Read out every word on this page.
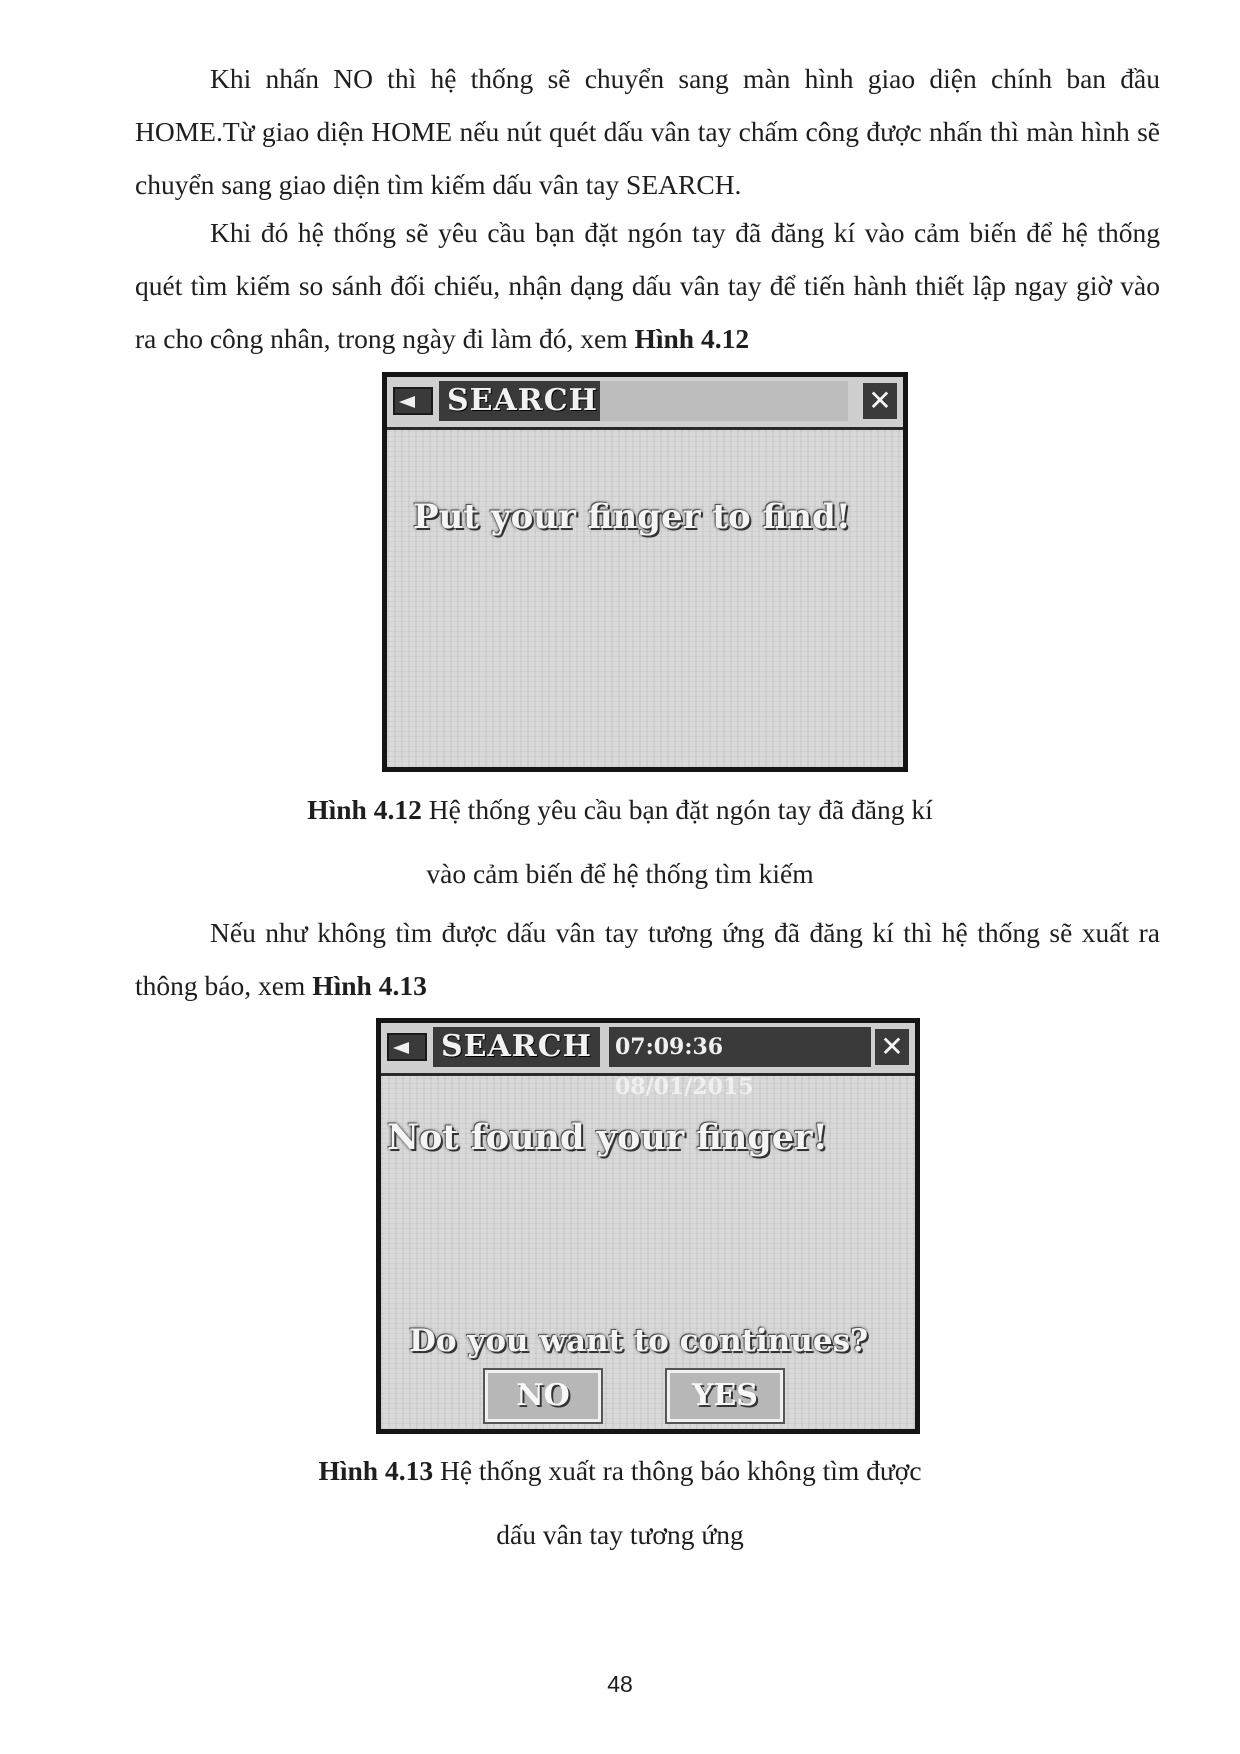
Khi nhấn NO thì hệ thống sẽ chuyển sang màn hình giao diện chính ban đầu HOME.Từ giao diện HOME nếu nút quét dấu vân tay chấm công được nhấn thì màn hình sẽ chuyển sang giao diện tìm kiếm dấu vân tay SEARCH.

Khi đó hệ thống sẽ yêu cầu bạn đặt ngón tay đã đăng kí vào cảm biến để hệ thống quét tìm kiếm so sánh đối chiếu, nhận dạng dấu vân tay để tiến hành thiết lập ngay giờ vào ra cho công nhân, trong ngày đi làm đó, xem Hình 4.12

SEARCH	✕

Put your finger to find!

Hình 4.12 Hệ thống yêu cầu bạn đặt ngón tay đã đăng kí

vào cảm biến để hệ thống tìm kiếm

Nếu như không tìm được dấu vân tay tương ứng đã đăng kí thì hệ thống sẽ xuất ra thông báo, xem Hình 4.13

SEARCH	07:09:36 08/01/2015
✕

Not found your finger!

Do you want to continues?

NO	YES

Hình 4.13 Hệ thống xuất ra thông báo không tìm được

dấu vân tay tương ứng

48
